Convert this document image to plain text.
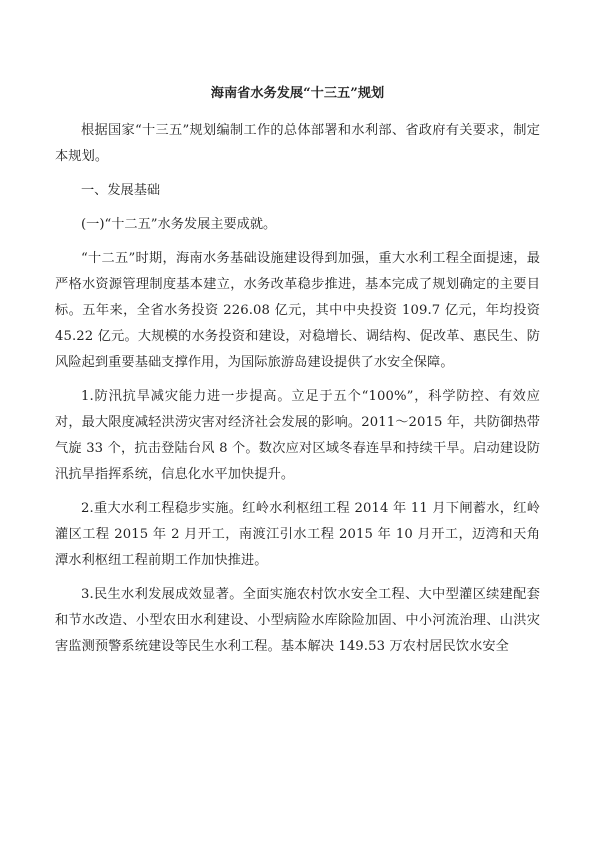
海南省水务发展“十三五”规划

根据国家“十三五”规划编制工作的总体部署和水利部、省政府有关要求，制定本规划。

一、发展基础

(一)“十二五”水务发展主要成就。

“十二五”时期，海南水务基础设施建设得到加强，重大水利工程全面提速，最严格水资源管理制度基本建立，水务改革稳步推进，基本完成了规划确定的主要目标。五年来，全省水务投资 226.08 亿元，其中中央投资 109.7 亿元，年均投资 45.22 亿元。大规模的水务投资和建设，对稳增长、调结构、促改革、惠民生、防风险起到重要基础支撑作用，为国际旅游岛建设提供了水安全保障。

1.防汛抗旱减灾能力进一步提高。立足于五个“100%”，科学防控、有效应对，最大限度减轻洪涝灾害对经济社会发展的影响。2011～2015 年，共防御热带气旋 33 个，抗击登陆台风 8 个。数次应对区域冬春连旱和持续干旱。启动建设防汛抗旱指挥系统，信息化水平加快提升。

2.重大水利工程稳步实施。红岭水利枢纽工程 2014 年 11 月下闸蓄水，红岭灌区工程 2015 年 2 月开工，南渡江引水工程 2015 年 10 月开工，迈湾和天角潭水利枢纽工程前期工作加快推进。

3.民生水利发展成效显著。全面实施农村饮水安全工程、大中型灌区续建配套和节水改造、小型农田水利建设、小型病险水库除险加固、中小河流治理、山洪灾害监测预警系统建设等民生水利工程。基本解决 149.53 万农村居民饮水安全
